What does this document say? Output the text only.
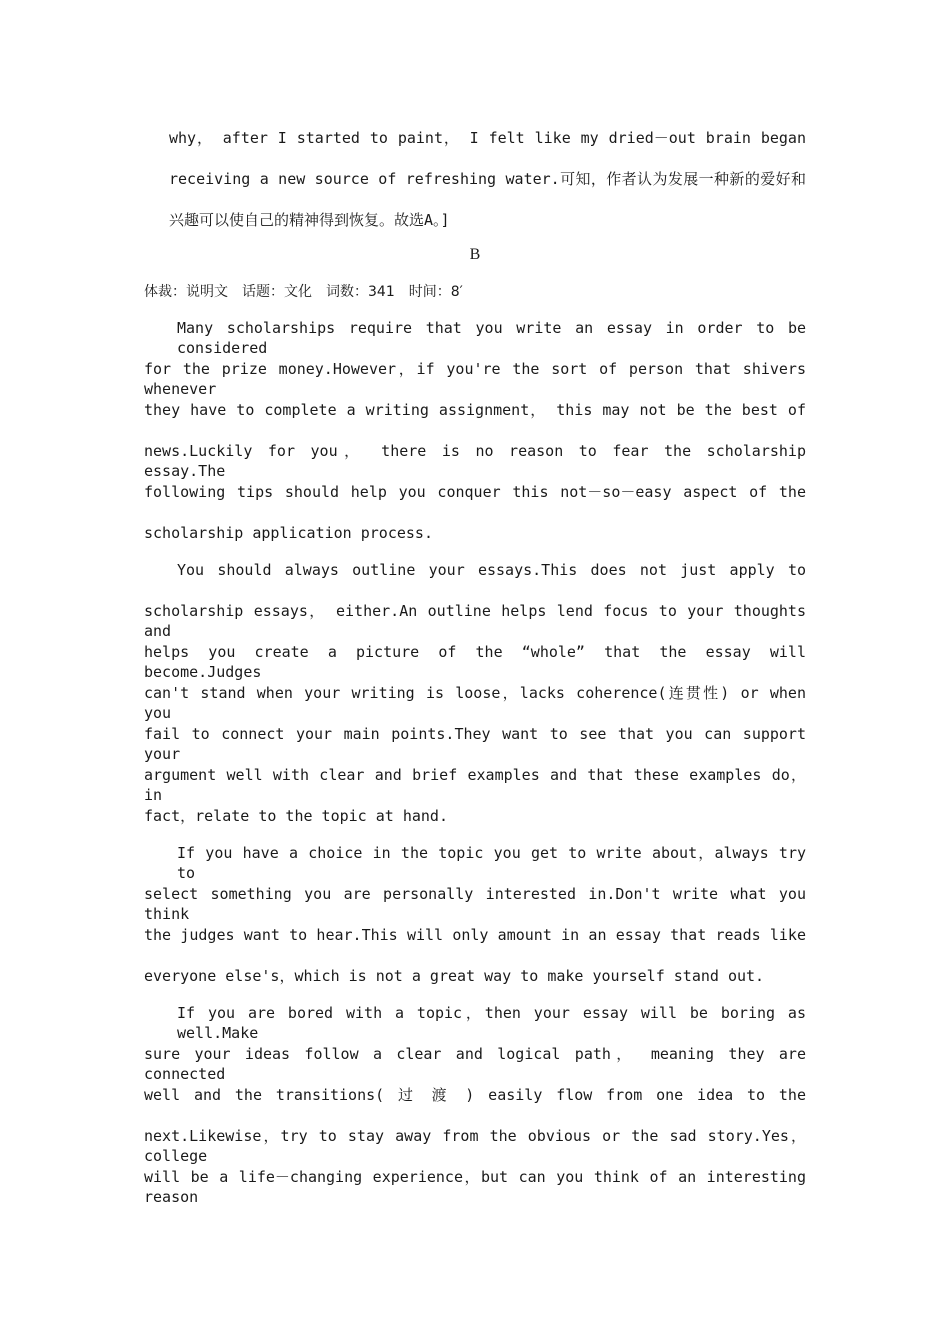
why， after I started to paint， I felt like my dried－out brain began
receiving a new source of refreshing water.可知，作者认为发展一种新的爱好和
兴趣可以使自己的精神得到恢复。故选A。]
B
体裁：说明文　话题：文化　词数：341　时间：8′
Many scholarships require that you write an essay in order to be considered
for the prize money.However，if you're the sort of person that shivers whenever
they have to complete a writing assignment， this may not be the best of
news.Luckily for you， there is no reason to fear the scholarship essay.The
following tips should help you conquer this not－so－easy aspect of the
scholarship application process.
You should always outline your essays.This does not just apply to
scholarship essays， either.An outline helps lend focus to your thoughts and
helps you create a picture of the “whole” that the essay will become.Judges
can't stand when your writing is loose，lacks coherence(连贯性) or when you
fail to connect your main points.They want to see that you can support your
argument well with clear and brief examples and that these examples do， in
fact，relate to the topic at hand.
If you have a choice in the topic you get to write about，always try to
select something you are personally interested in.Don't write what you think
the judges want to hear.This will only amount in an essay that reads like
everyone else's，which is not a great way to make yourself stand out.
If you are bored with a topic，then your essay will be boring as well.Make
sure your ideas follow a clear and logical path， meaning they are connected
well and the transitions( 过 渡 ) easily flow from one idea to the
next.Likewise，try to stay away from the obvious or the sad story.Yes，college
will be a life－changing experience，but can you think of an interesting reason
